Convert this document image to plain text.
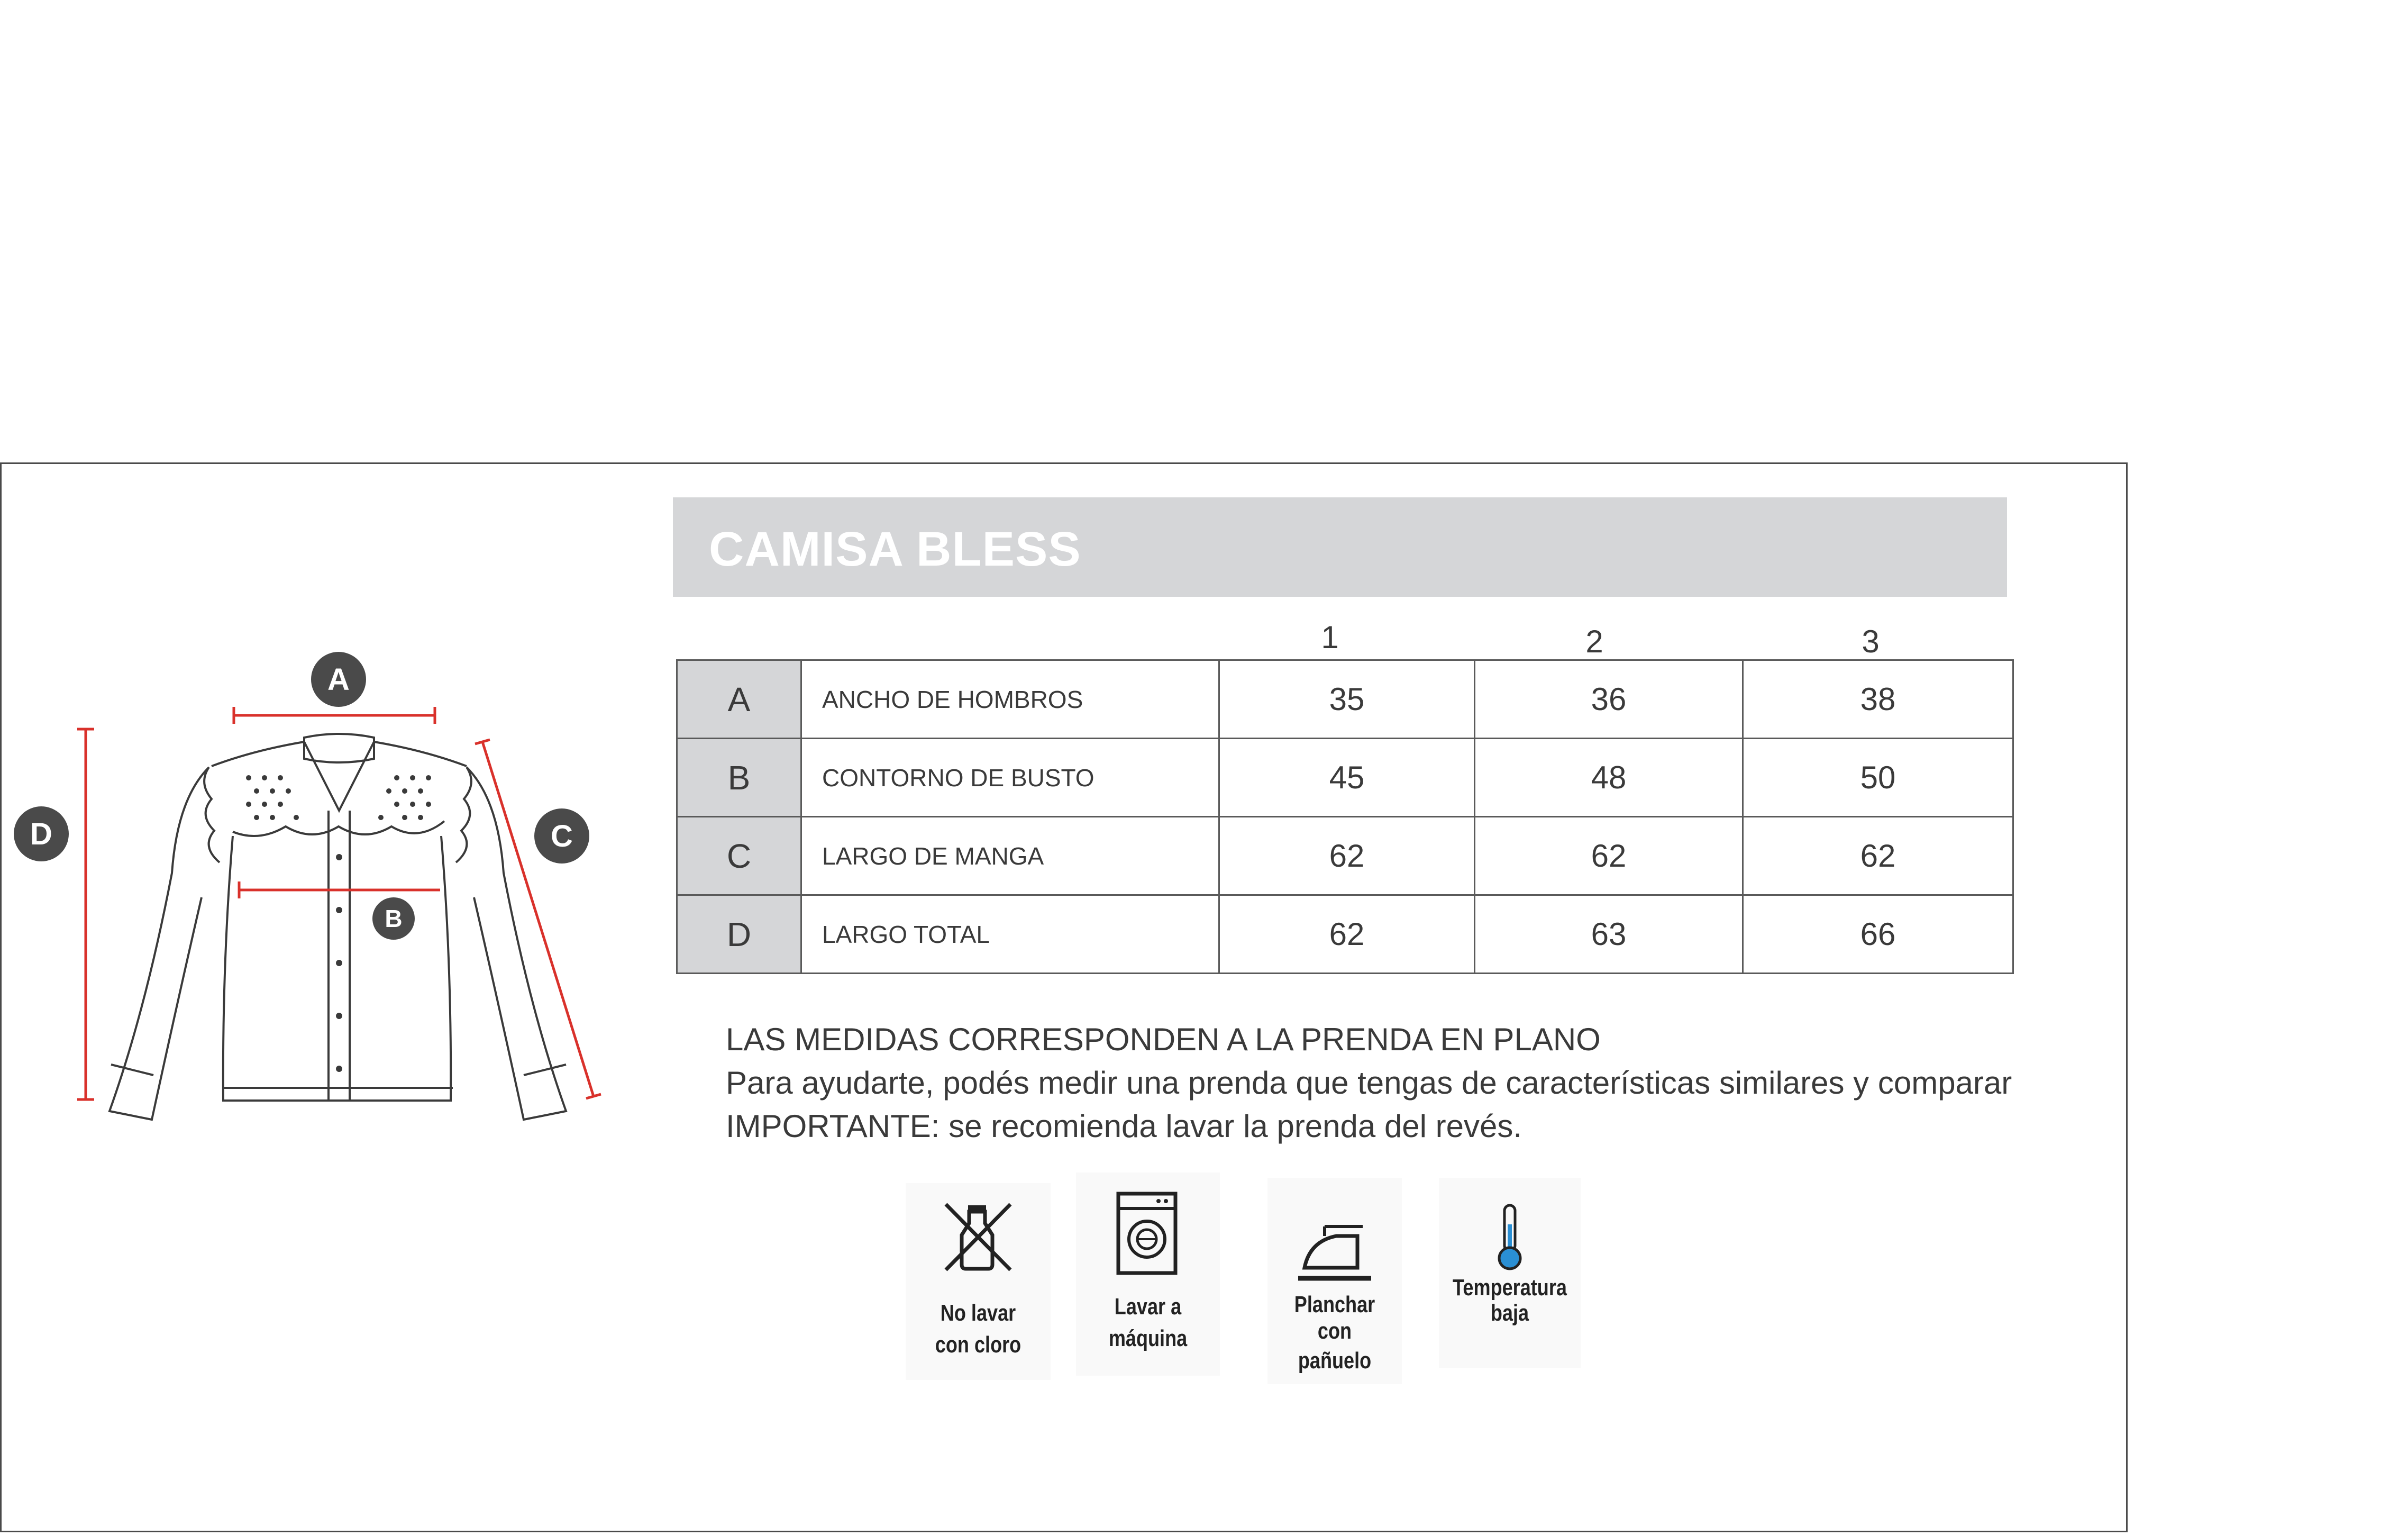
CAMISA BLESS
1	2	3
A	ANCHO DE HOMBROS	35	36	38
B	CONTORNO DE BUSTO	45	48	50
C	LARGO DE MANGA	62	62	62
D	LARGO TOTAL	62	63	66
LAS MEDIDAS CORRESPONDEN A LA PRENDA EN PLANO
Para ayudarte, podés medir una prenda que tengas de características similares y comparar
IMPORTANTE: se recomienda lavar la prenda del revés.
No lavar
con cloro
Lavar a
máquina
Planchar
con pañuelo
Temperatura
baja
A
B
C
D
